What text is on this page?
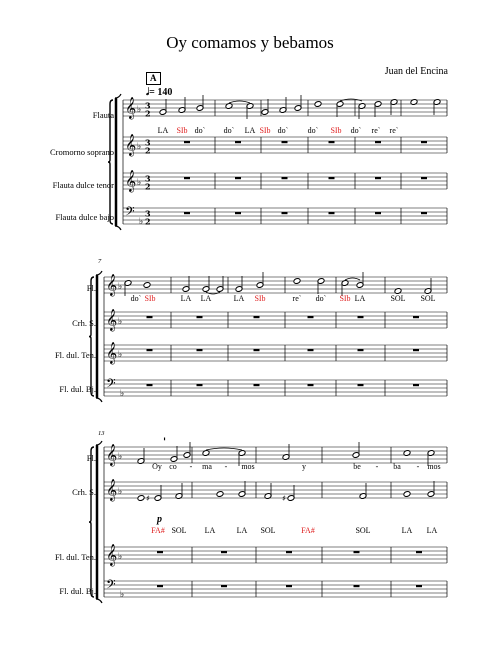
Oy comamos y bebamos
Juan del Encina
A
𝅗𝅥= 140
Flauta
Cromorno soprano
Flauta dulce tenor
Flauta dulce bajo
7
Fl.
Crh. S.
Fl. dul. Ten.
Fl. dul. Bj.
13
Fl.
Crh. S.
Fl. dul. Ten.
Fl. dul. Bj.
p
𝄞 ♭ 3
2
𝄞 ♭ 3
2
𝄞 ♭ 3
2
𝄢 ♭
3
2
𝄞 ♭
𝄞 ♭
𝄞 ♭
𝄢 ♭
𝄞 ♭
𝄞 ♭
𝄞 ♭
𝄢 ♭
'
♯	♯
LA SIb do` do` LA SIb do` do` SIb do` re` re`
do` SIb	LA LA	LA SIb	re` do` SIb LA	SOL SOL
Oy co - ma - mos	y	be - ba - mos
FA# SOL LA	LA SOL	FA#	SOL	LA LA
